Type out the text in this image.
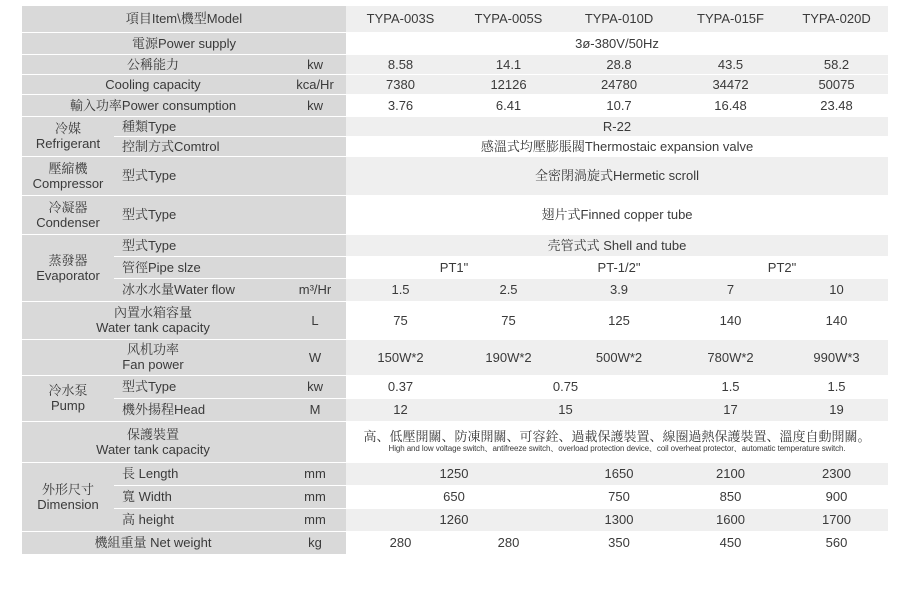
項目Item\機型Model			TYPA-003S	TYPA-005S	TYPA-010D	TYPA-015F	TYPA-020D
電源Power supply			3ø-380V/50Hz				
公稱能力		kw	8.58	14.1	28.8	43.5	58.2
Cooling capacity		kca/Hr	7380	12126	24780	34472	50075
輸入功率Power consumption		kw	3.76	6.41	10.7	16.48	23.48

冷媒
Refrigerant	種類Type		R-22				
	控制方式Comtrol		感溫式均壓膨脹閥Thermostaic expansion valve				

壓縮機
Compressor	型式Type		全密閉渦旋式Hermetic scroll				

冷凝器
Condenser	型式Type		翅片式Finned copper tube				

蒸發器
Evaporator	型式Type		壳管式式 Shell and tube				
	管徑Pipe slze		PT1"		PT-1/2"	PT2"	
	冰水水量Water flow	m³/Hr	1.5	2.5	3.9	7	10

內置水箱容量
Water tank capacity		L	75	75	125	140	140

风机功率
Fan power		W	150W*2	190W*2	500W*2	780W*2	990W*3

冷水泵
Pump	型式Type	kw	0.37	0.75		1.5	1.5
	機外揚程Head	M	12	15		17	19

保護裝置
Water tank capacity			高、低壓開關、防凍開關、可容銓、過載保護裝置、線圈過熱保護裝置、溫度自動開關。
High and low voltage switch、antifreeze switch、overload protection device、coil overheat protector、automatic temperature switch.				

外形尺寸
Dimension	長 Length	mm	1250		1650	2100	2300
	寬 Width	mm	650		750	850	900
	高 height	mm	1260		1300	1600	1700
機組重量 Net weight		kg	280	280	350	450	560
